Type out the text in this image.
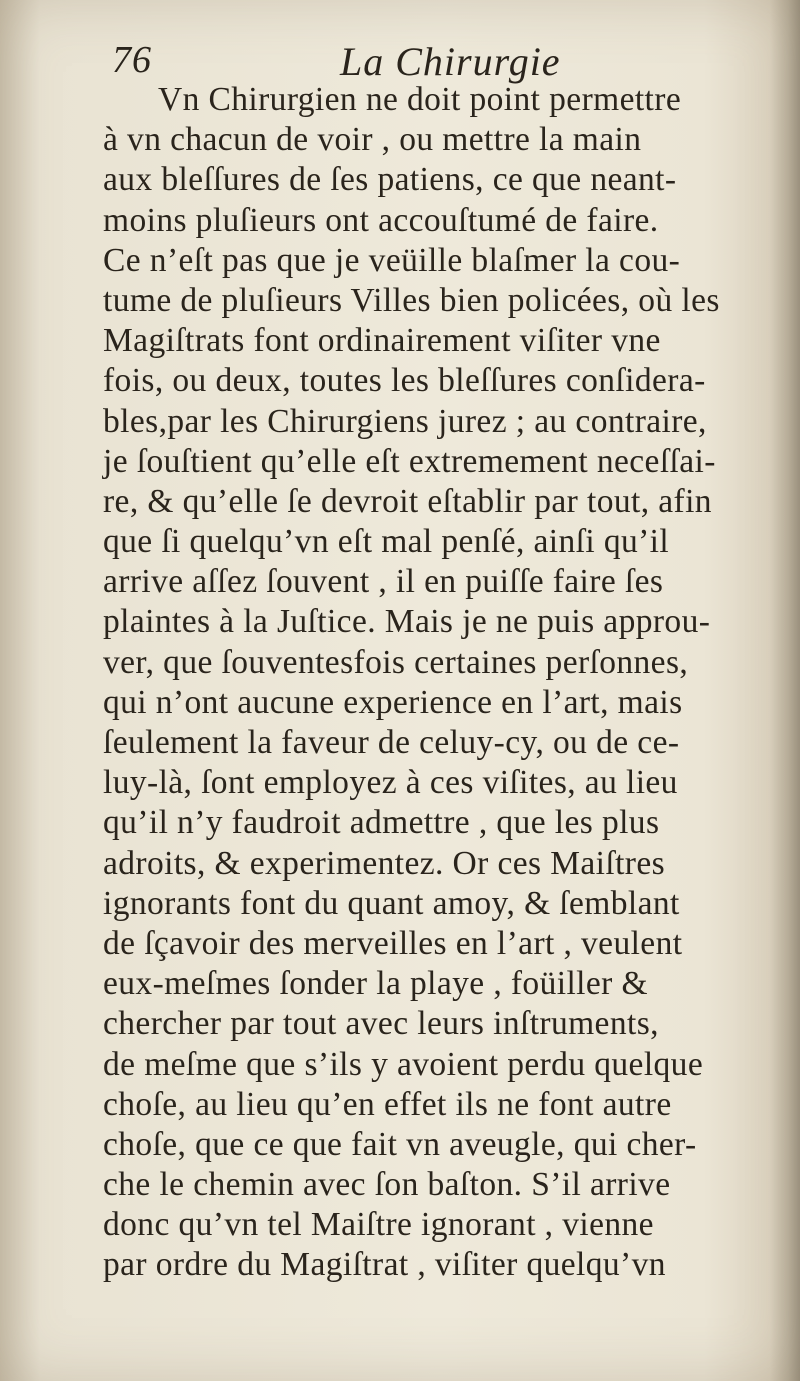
76	La Chirurgie
Vn Chirurgien ne doit point permettre
à vn chacun de voir , ou mettre la main
aux bleſſures de ſes patiens, ce que neant-
moins pluſieurs ont accouſtumé de faire.
Ce n’eſt pas que je veüille blaſmer la cou-
tume de pluſieurs Villes bien policées, où les
Magiſtrats font ordinairement viſiter vne
fois, ou deux, toutes les bleſſures conſidera-
bles,par les Chirurgiens jurez ; au contraire,
je ſouſtient qu’elle eſt extremement neceſſai-
re, & qu’elle ſe devroit eſtablir par tout, afin
que ſi quelqu’vn eſt mal penſé, ainſi qu’il
arrive aſſez ſouvent , il en puiſſe faire ſes
plaintes à la Juſtice. Mais je ne puis approu-
ver, que ſouventesfois certaines perſonnes,
qui n’ont aucune experience en l’art, mais
ſeulement la faveur de celuy-cy, ou de ce-
luy-là, ſont employez à ces viſites, au lieu
qu’il n’y faudroit admettre , que les plus
adroits, & experimentez. Or ces Maiſtres
ignorants font du quant amoy, & ſemblant
de ſçavoir des merveilles en l’art , veulent
eux-meſmes ſonder la playe , foüiller &
chercher par tout avec leurs inſtruments,
de meſme que s’ils y avoient perdu quelque
choſe, au lieu qu’en effet ils ne font autre
choſe, que ce que fait vn aveugle, qui cher-
che le chemin avec ſon baſton. S’il arrive
donc qu’vn tel Maiſtre ignorant , vienne
par ordre du Magiſtrat , viſiter quelqu’vn
